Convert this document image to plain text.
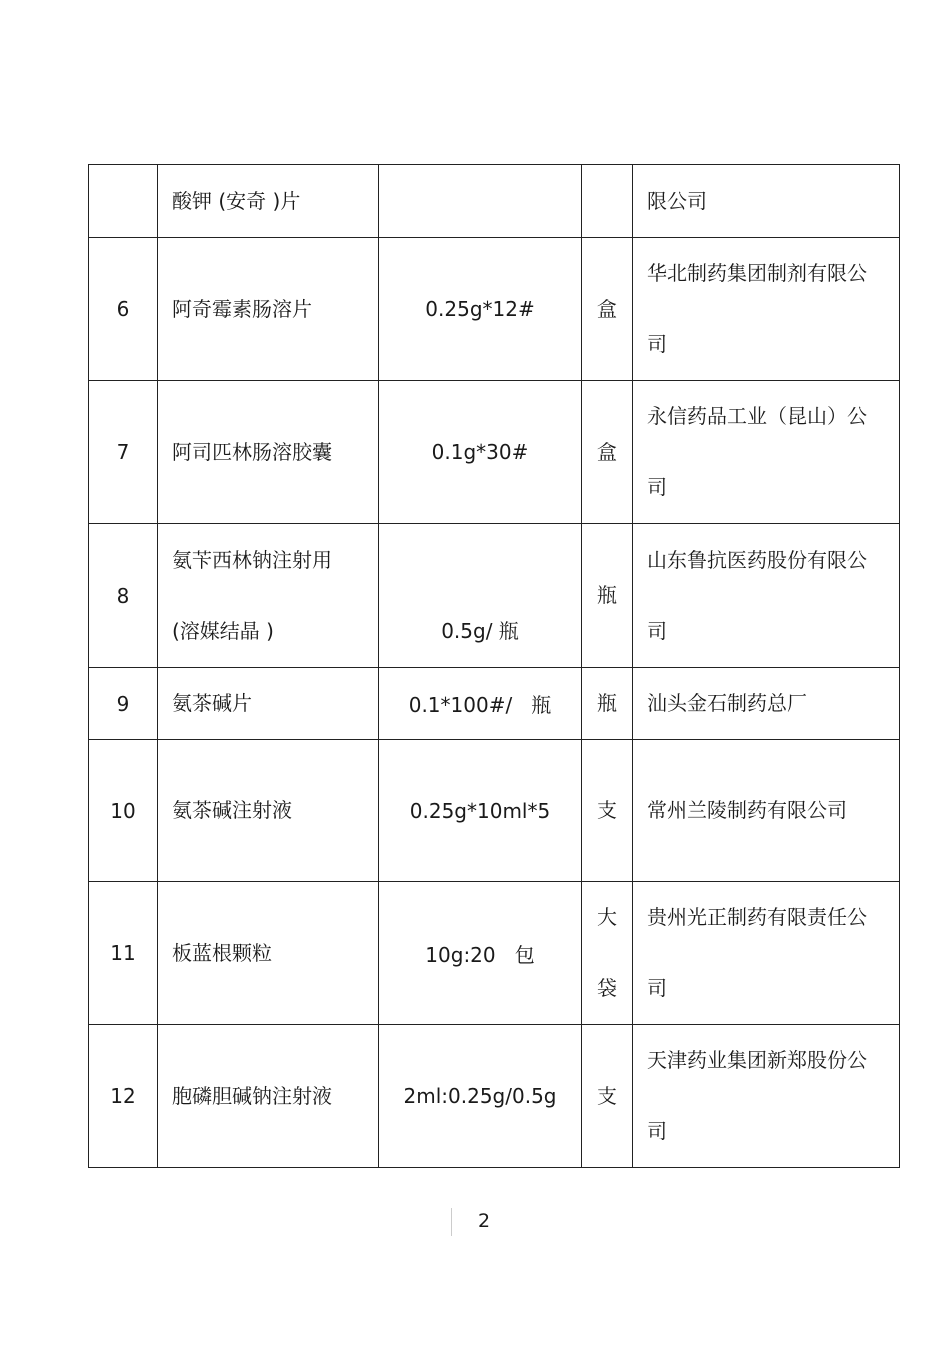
	酸钾 (安奇 )片			限公司

6	阿奇霉素肠溶片	0.25g*12#	盒	华北制药集团制剂有限公司

7	阿司匹林肠溶胶囊	0.1g*30#	盒	永信药品工业（昆山）公司

8	氨苄西林钠注射用(溶媒结晶 )	0.5g/ 瓶	瓶	山东鲁抗医药股份有限公司

9	氨茶碱片	0.1*100#/   瓶	瓶	汕头金石制药总厂

10	氨茶碱注射液	0.25g*10ml*5	支	常州兰陵制药有限公司

11	板蓝根颗粒	10g:20   包	大袋	贵州光正制药有限责任公司

12	胞磷胆碱钠注射液	2ml:0.25g/0.5g	支	天津药业集团新郑股份公司
2
